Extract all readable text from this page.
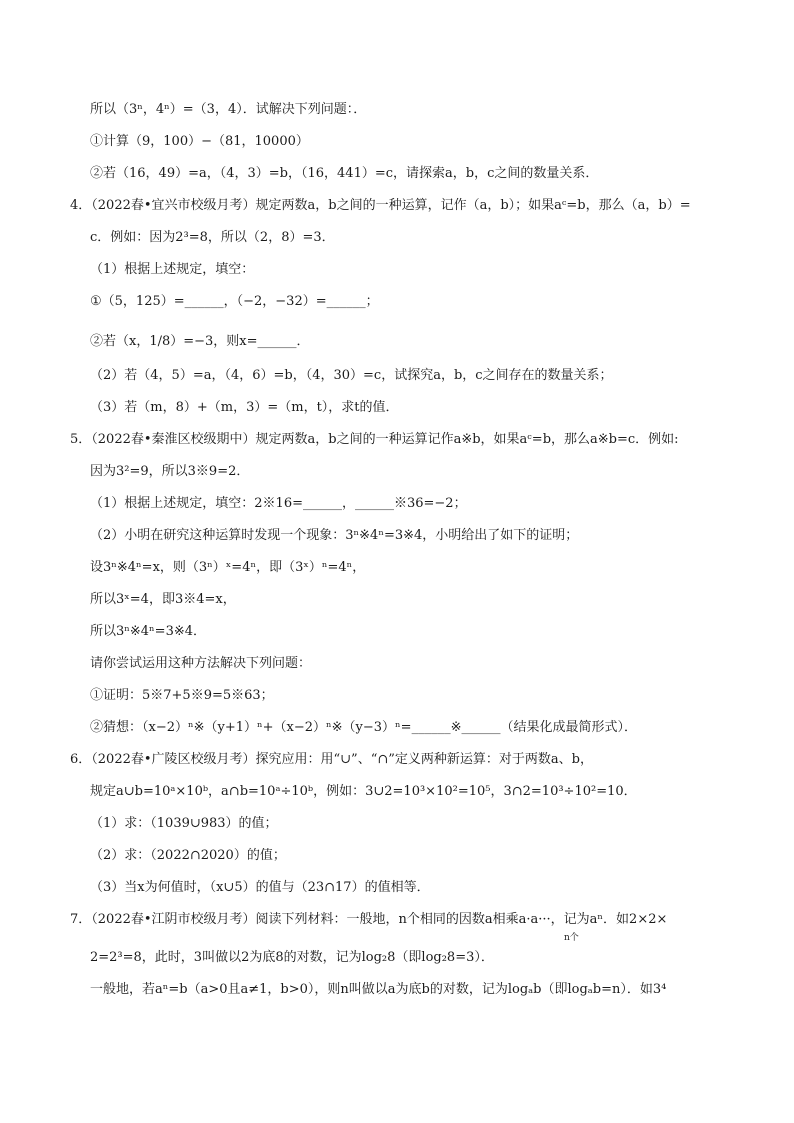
所以（3ⁿ，4ⁿ）=（3，4）．试解决下列问题：．
①计算（9，100）−（81，10000）
②若（16，49）=a，（4，3）=b，（16，441）=c，请探索a，b，c之间的数量关系．
4．（2022春•宜兴市校级月考）规定两数a，b之间的一种运算，记作（a，b）；如果aᶜ=b，那么（a，b）=
c．例如：因为2³=8，所以（2，8）=3．
（1）根据上述规定，填空：
①（5，125）=______，（−2，−32）=______；
②若（x，1/8）=−3，则x=______．
（2）若（4，5）=a，（4，6）=b，（4，30）=c，试探究a，b，c之间存在的数量关系；
（3）若（m，8）+（m，3）=（m，t），求t的值．
5．（2022春•秦淮区校级期中）规定两数a，b之间的一种运算记作a※b，如果aᶜ=b，那么a※b=c．例如:
因为3²=9，所以3※9=2．
（1）根据上述规定，填空：2※16=______，______※36=−2；
（2）小明在研究这种运算时发现一个现象：3ⁿ※4ⁿ=3※4，小明给出了如下的证明；
设3ⁿ※4ⁿ=x，则（3ⁿ）ˣ=4ⁿ，即（3ˣ）ⁿ=4ⁿ，
所以3ˣ=4，即3※4=x，
所以3ⁿ※4ⁿ=3※4．
请你尝试运用这种方法解决下列问题：
①证明：5※7+5※9=5※63；
②猜想：（x−2）ⁿ※（y+1）ⁿ+（x−2）ⁿ※（y−3）ⁿ=______※______（结果化成最简形式）．
6．（2022春•广陵区校级月考）探究应用：用“∪”、“∩”定义两种新运算：对于两数a、b，
规定a∪b=10ᵃ×10ᵇ，a∩b=10ᵃ÷10ᵇ，例如：3∪2=10³×10²=10⁵，3∩2=10³÷10²=10．
（1）求：（1039∪983）的值；
（2）求：（2022∩2020）的值；
（3）当x为何值时，（x∪5）的值与（23∩17）的值相等．
7．（2022春•江阴市校级月考）阅读下列材料：一般地，n个相同的因数a相乘a·a···，记为aⁿ．如2×2×
n个
2=2³=8，此时，3叫做以2为底8的对数，记为log₂8（即log₂8=3）．
一般地，若aⁿ=b（a>0且a≠1，b>0），则n叫做以a为底b的对数，记为logₐb（即logₐb=n）．如3⁴
